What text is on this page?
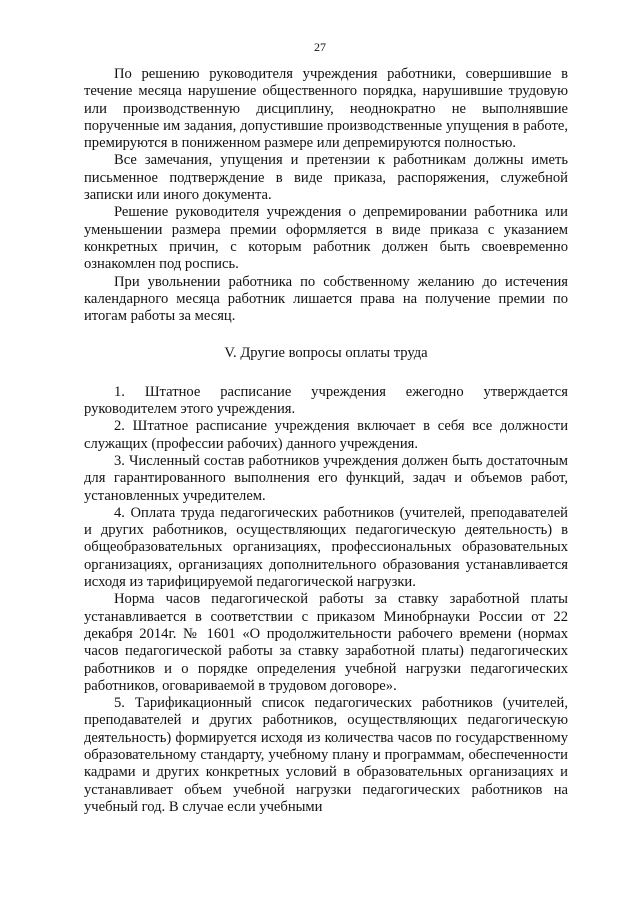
27

По решению руководителя учреждения работники, совершившие в течение месяца нарушение общественного порядка, нарушившие трудовую или производственную дисциплину, неоднократно не выполнявшие порученные им задания, допустившие производственные упущения в работе, премируются в пониженном размере или депремируются полностью.

Все замечания, упущения и претензии к работникам должны иметь письменное подтверждение в виде приказа, распоряжения, служебной записки или иного документа.

Решение руководителя учреждения о депремировании работника или уменьшении размера премии оформляется в виде приказа с указанием конкретных причин, с которым работник должен быть своевременно ознакомлен под роспись.

При увольнении работника по собственному желанию до истечения календарного месяца работник лишается права на получение премии по итогам работы за месяц.

V. Другие вопросы оплаты труда

1. Штатное расписание учреждения ежегодно утверждается руководителем этого учреждения.

2. Штатное расписание учреждения включает в себя все должности служащих (профессии рабочих) данного учреждения.

3. Численный состав работников учреждения должен быть достаточным для гарантированного выполнения его функций, задач и объемов работ, установленных учредителем.

4. Оплата труда педагогических работников (учителей, преподавателей и других работников, осуществляющих педагогическую деятельность) в общеобразовательных организациях, профессиональных образовательных организациях, организациях дополнительного образования устанавливается исходя из тарифицируемой педагогической нагрузки.

Норма часов педагогической работы за ставку заработной платы устанавливается в соответствии с приказом Минобрнауки России от 22 декабря 2014г. № 1601 «О продолжительности рабочего времени (нормах часов педагогической работы за ставку заработной платы) педагогических работников и о порядке определения учебной нагрузки педагогических работников, оговариваемой в трудовом договоре».

5. Тарификационный список педагогических работников (учителей, преподавателей и других работников, осуществляющих педагогическую деятельность) формируется исходя из количества часов по государственному образовательному стандарту, учебному плану и программам, обеспеченности кадрами и других конкретных условий в образовательных организациях и устанавливает объем учебной нагрузки педагогических работников на учебный год. В случае если учебными
